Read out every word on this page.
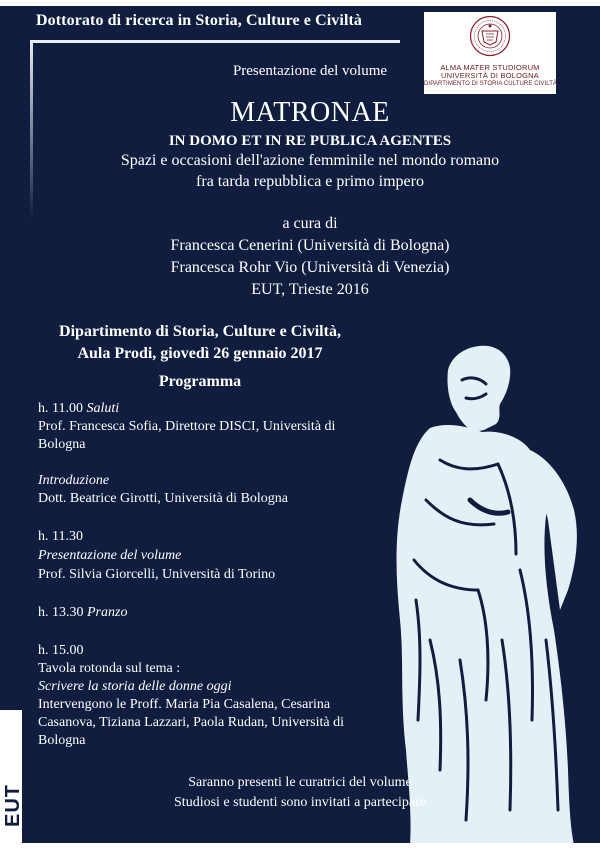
Dottorato di ricerca in Storia, Culture e Civiltà
ALMA MATER STUDIORUM
UNIVERSITÀ DI BOLOGNA
DIPARTIMENTO DI STORIA CULTURE CIVILTÀ
Presentazione del volume
MATRONAE
IN DOMO ET IN RE PUBLICA AGENTES
Spazi e occasioni dell'azione femminile nel mondo romano
fra tarda repubblica e primo impero
a cura di
Francesca Cenerini (Università di Bologna)
Francesca Rohr Vio (Università di Venezia)
EUT, Trieste 2016
Dipartimento di Storia, Culture e Civiltà,
Aula Prodi, giovedì 26 gennaio 2017
Programma
h. 11.00 Saluti
Prof. Francesca Sofia, Direttore DISCI, Università di
Bologna
Introduzione
Dott. Beatrice Girotti, Università di Bologna
h. 11.30
Presentazione del volume
Prof. Silvia Giorcelli, Università di Torino
h. 13.30 Pranzo
h. 15.00
Tavola rotonda sul tema :
Scrivere la storia delle donne oggi
Intervengono le Proff. Maria Pia Casalena, Cesarina
Casanova, Tiziana Lazzari, Paola Rudan, Università di
Bologna
Saranno presenti le curatrici del volume
Studiosi e studenti sono invitati a partecipare
EUT
